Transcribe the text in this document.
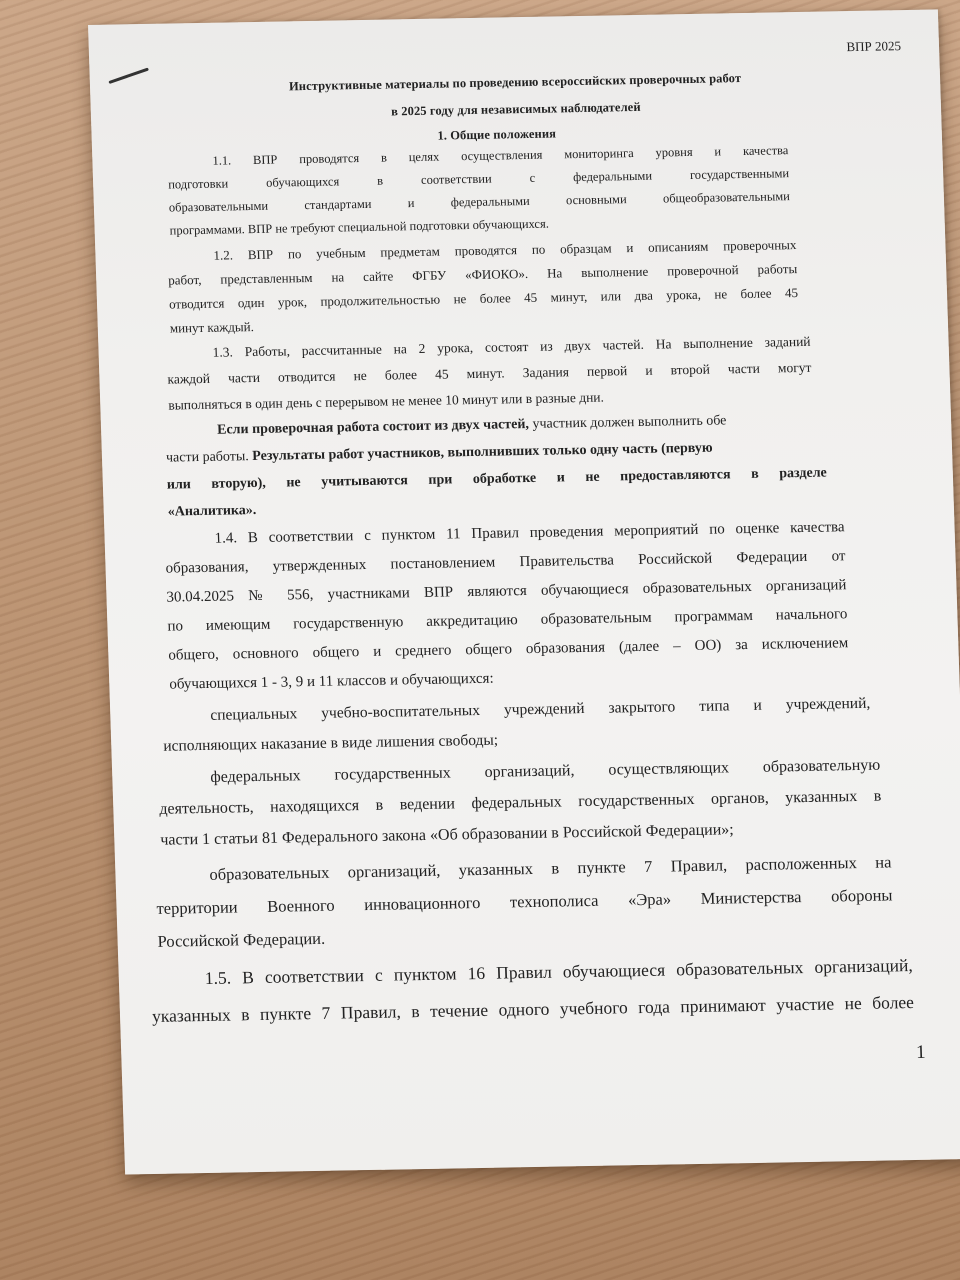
ВПР 2025
Инструктивные материалы по проведению всероссийских проверочных работ
в 2025 году для независимых наблюдателей
1. Общие положения
1.1. ВПР проводятся в целях осуществления мониторинга уровня и качества
подготовки обучающихся в соответствии с федеральными государственными
образовательными стандартами и федеральными основными общеобразовательными
программами. ВПР не требуют специальной подготовки обучающихся.
1.2. ВПР по учебным предметам проводятся по образцам и описаниям проверочных
работ, представленным на сайте ФГБУ «ФИОКО». На выполнение проверочной работы
отводится один урок, продолжительностью не более 45 минут, или два урока, не более 45
минут каждый.
1.3. Работы, рассчитанные на 2 урока, состоят из двух частей. На выполнение заданий
каждой части отводится не более 45 минут. Задания первой и второй части могут
выполняться в один день с перерывом не менее 10 минут или в разные дни.
Если проверочная работа состоит из двух частей, участник должен выполнить обе
части работы. Результаты работ участников, выполнивших только одну часть (первую
или вторую), не учитываются при обработке и не предоставляются в разделе
«Аналитика».
1.4. В соответствии с пунктом 11 Правил проведения мероприятий по оценке качества
образования, утвержденных постановлением Правительства Российской Федерации от
30.04.2025 № 556, участниками ВПР являются обучающиеся образовательных организаций
по имеющим государственную аккредитацию образовательным программам начального
общего, основного общего и среднего общего образования (далее – ОО) за исключением
обучающихся 1 - 3, 9 и 11 классов и обучающихся:
специальных учебно-воспитательных учреждений закрытого типа и учреждений,
исполняющих наказание в виде лишения свободы;
федеральных государственных организаций, осуществляющих образовательную
деятельность, находящихся в ведении федеральных государственных органов, указанных в
части 1 статьи 81 Федерального закона «Об образовании в Российской Федерации»;
образовательных организаций, указанных в пункте 7 Правил, расположенных на
территории Военного инновационного технополиса «Эра» Министерства обороны
Российской Федерации.
1.5. В соответствии с пунктом 16 Правил обучающиеся образовательных организаций,
указанных в пункте 7 Правил, в течение одного учебного года принимают участие не более
1
